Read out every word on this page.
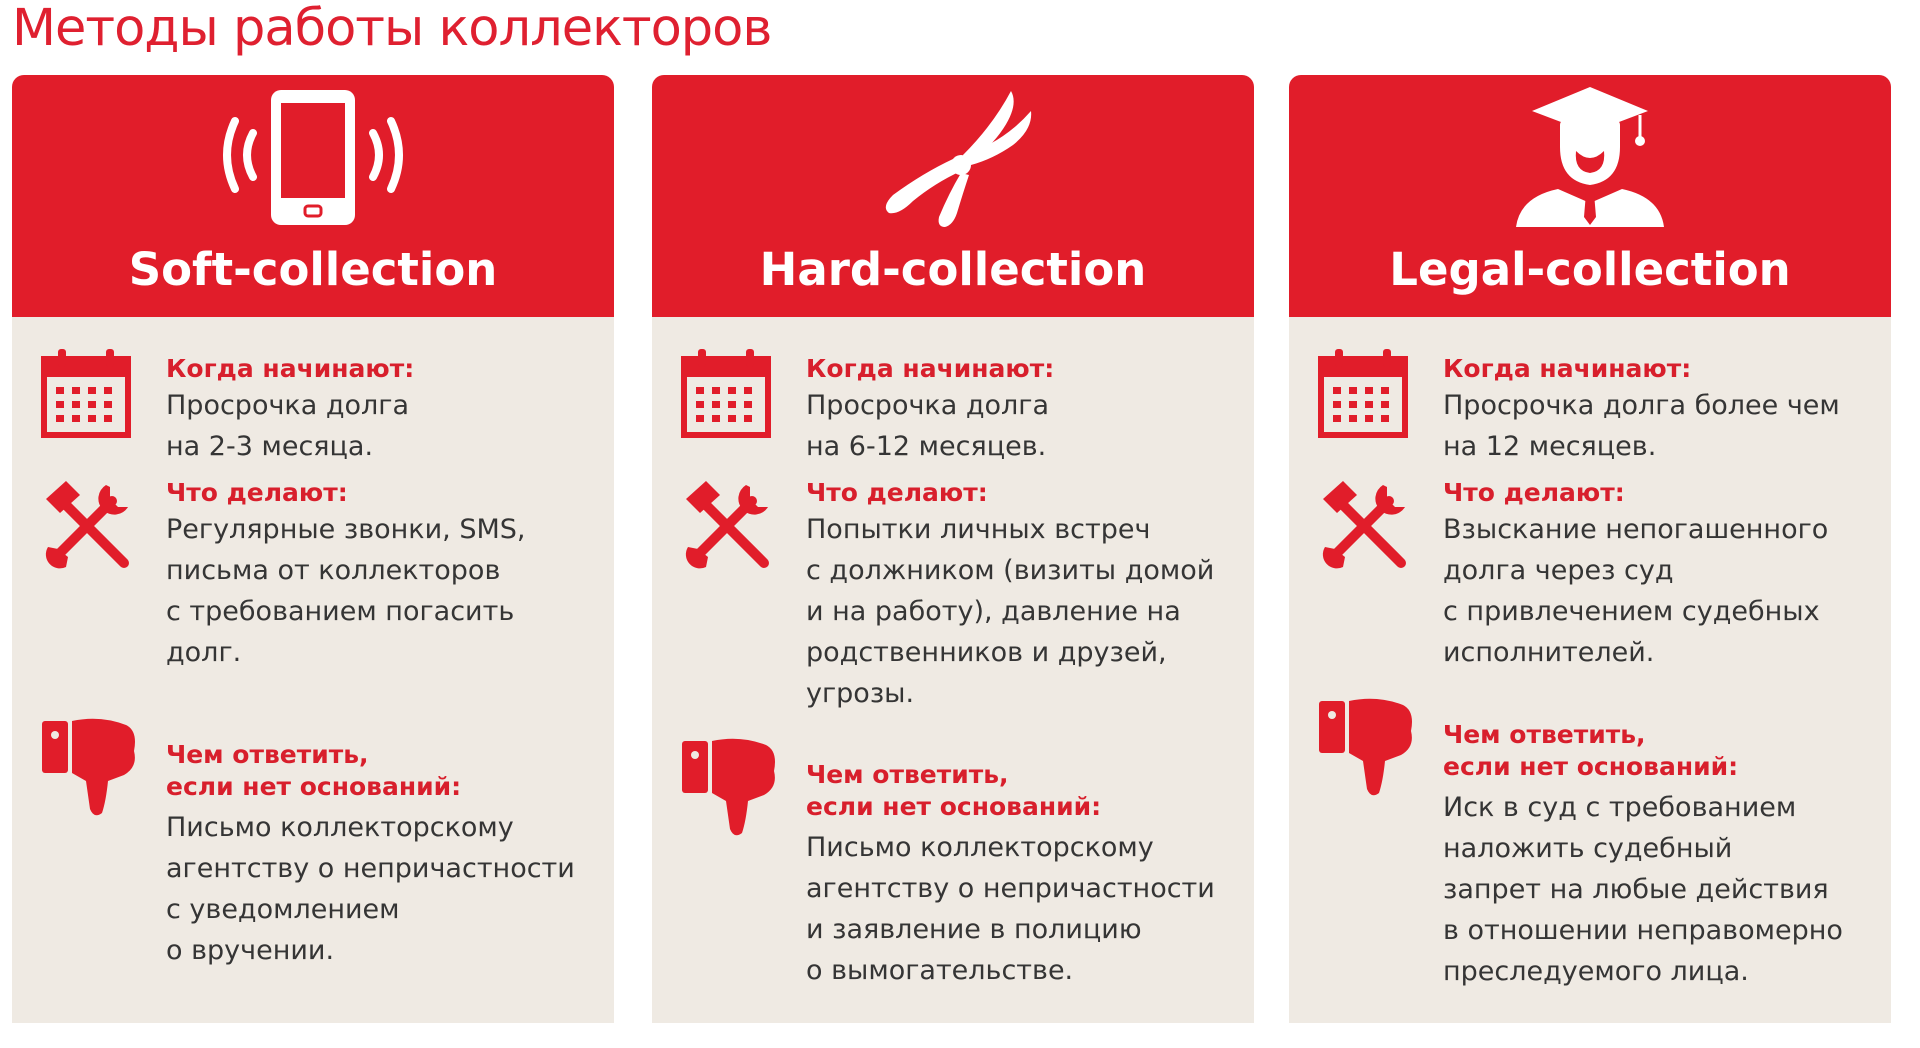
Методы работы коллекторов
Soft-collection
Когда начинают:
Просрочка долга
на 2-3 месяца.
Что делают:
Регулярные звонки, SMS,
письма от коллекторов
с требованием погасить
долг.
Чем ответить,
если нет оснований:
Письмо коллекторскому
агентству о непричастности
с уведомлением
о вручении.
Hard-collection
Когда начинают:
Просрочка долга
на 6-12 месяцев.
Что делают:
Попытки личных встреч
с должником (визиты домой
и на работу), давление на
родственников и друзей,
угрозы.
Чем ответить,
если нет оснований:
Письмо коллекторскому
агентству о непричастности
и заявление в полицию
о вымогательстве.
Legal-collection
Когда начинают:
Просрочка долга более чем
на 12 месяцев.
Что делают:
Взыскание непогашенного
долга через суд
с привлечением судебных
исполнителей.
Чем ответить,
если нет оснований:
Иск в суд с требованием
наложить судебный
запрет на любые действия
в отношении неправомерно
преследуемого лица.
